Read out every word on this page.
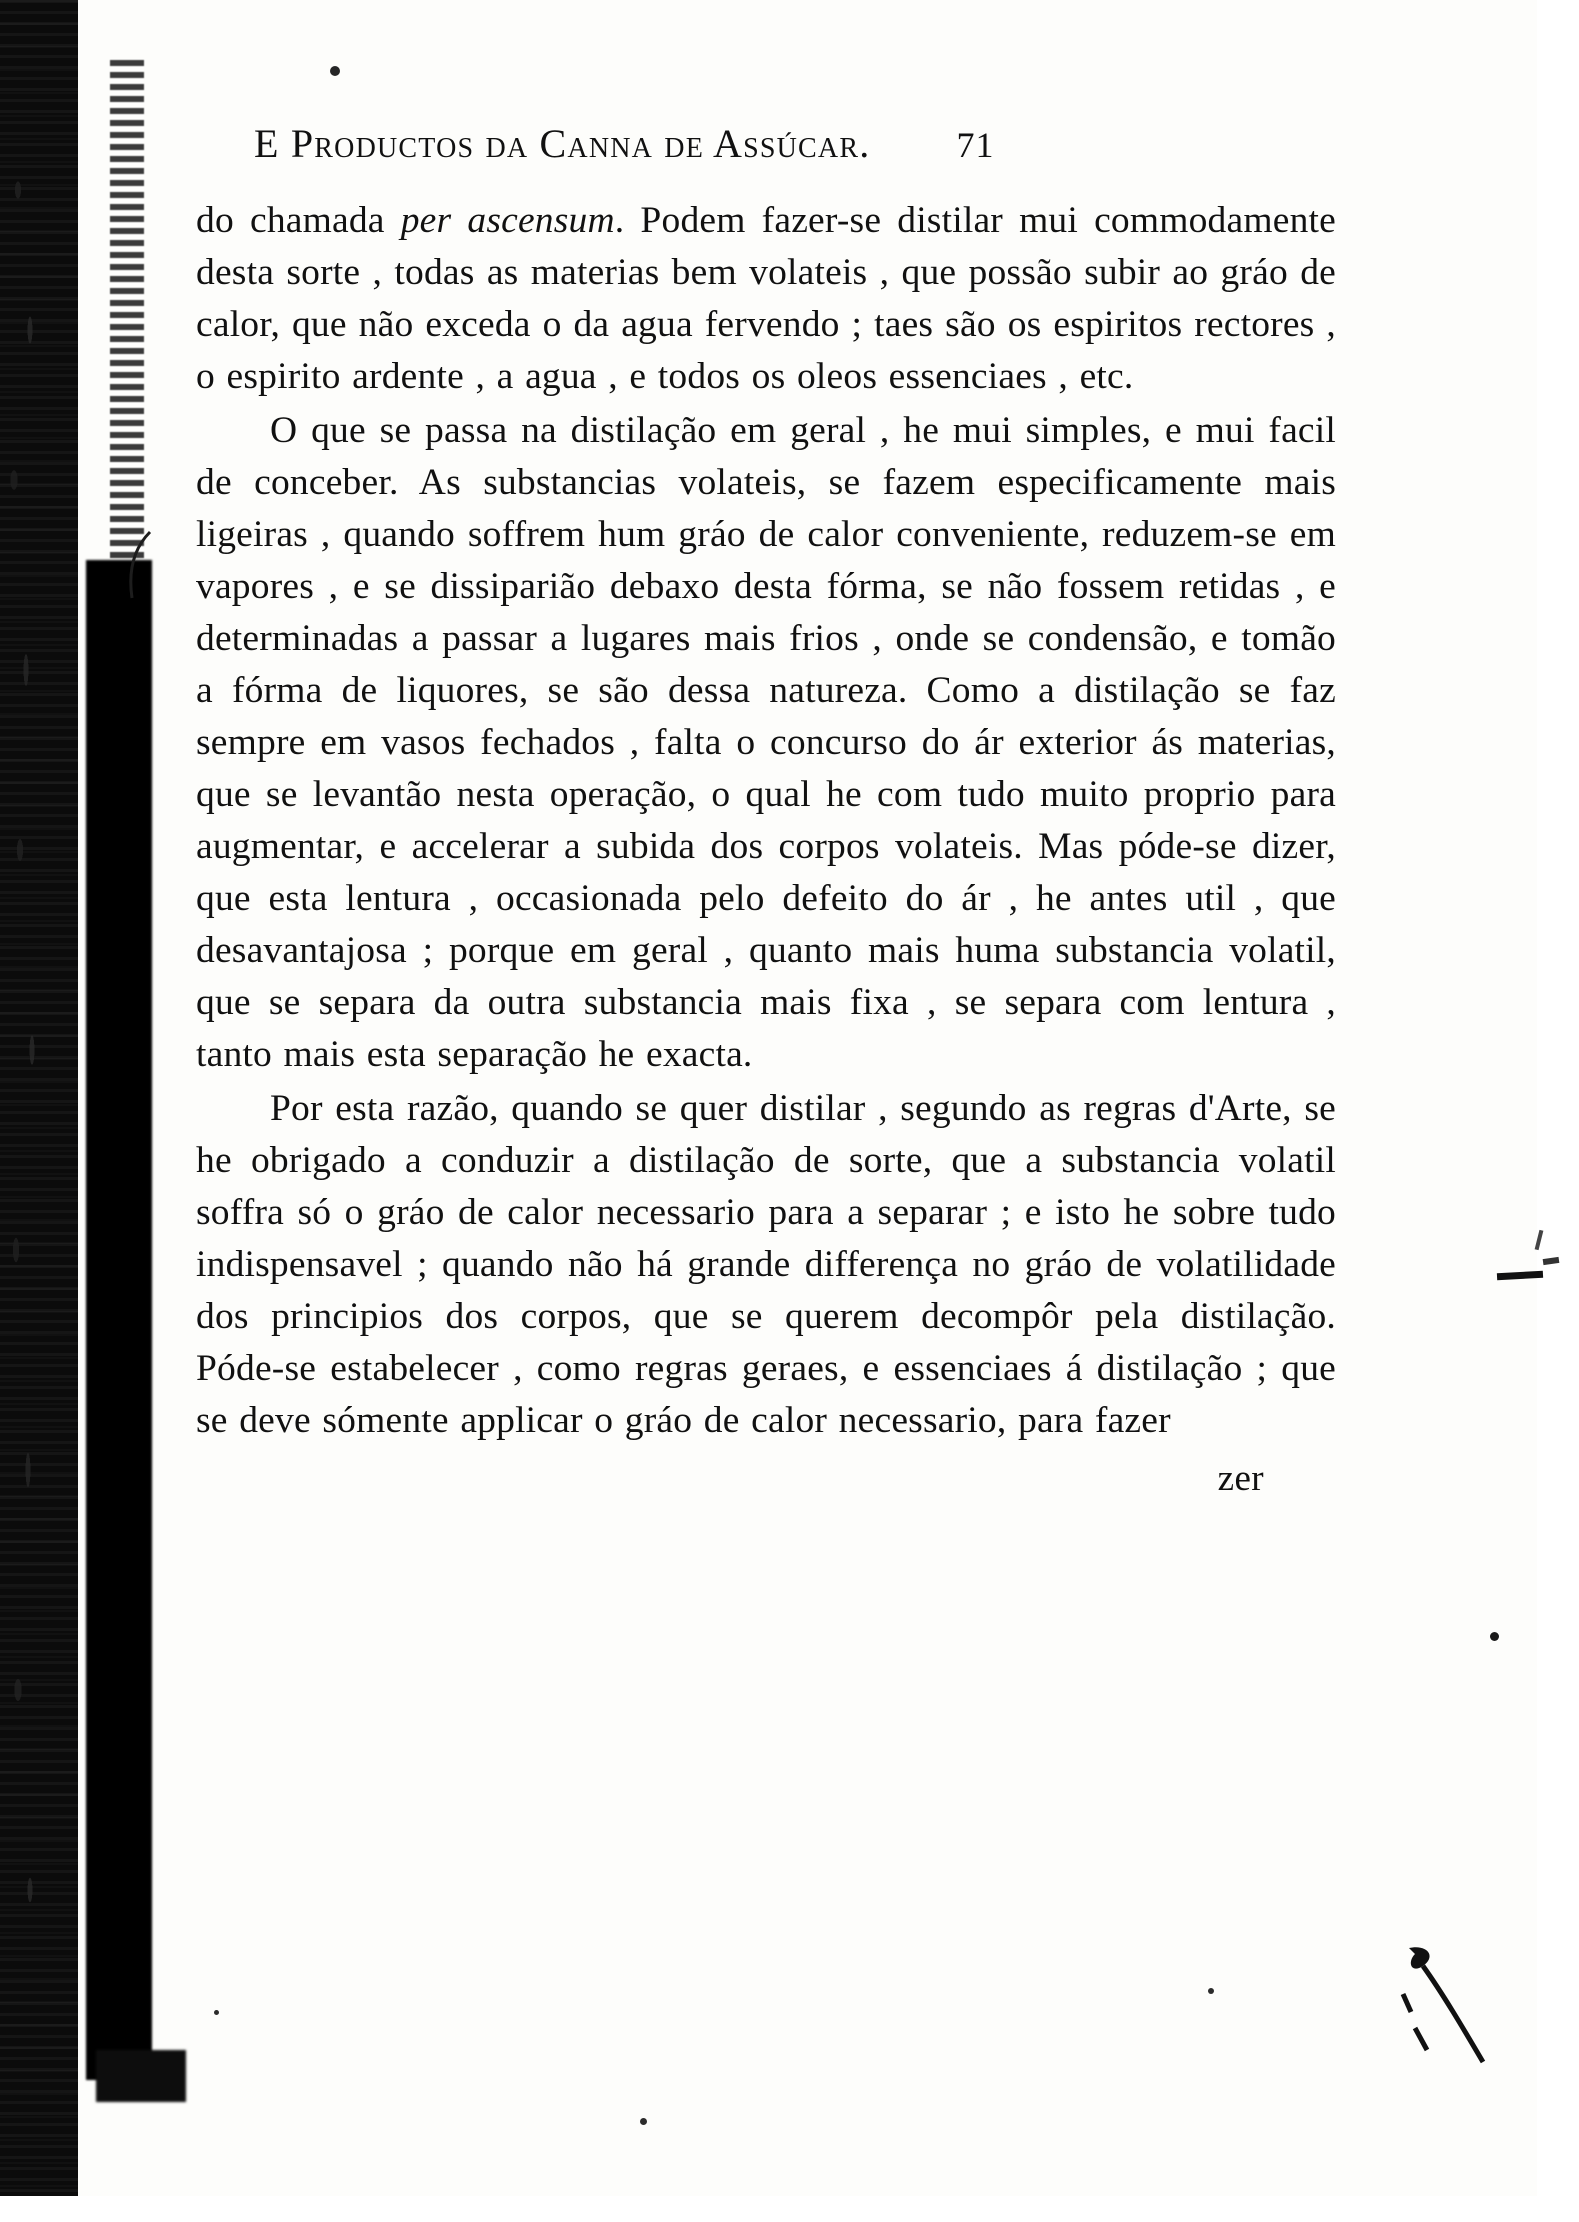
E Productos da Canna de Assúcar. 71

do chamada per ascensum. Podem fazer-se distilar mui commodamente desta sorte , todas as materias bem volateis , que possão subir ao gráo de calor, que não exceda o da agua fervendo ; taes são os espiritos rectores , o espirito ardente , a agua , e todos os oleos essenciaes , etc.

O que se passa na distilação em geral , he mui simples, e mui facil de conceber. As substancias volateis, se fazem especificamente mais ligeiras , quando soffrem hum gráo de calor conveniente, reduzem-se em vapores , e se dissiparião debaxo desta fórma, se não fossem retidas , e determinadas a passar a lugares mais frios , onde se condensão, e tomão a fórma de liquores, se são dessa natureza. Como a distilação se faz sempre em vasos fechados , falta o concurso do ár exterior ás materias, que se levantão nesta operação, o qual he com tudo muito proprio para augmentar, e accelerar a subida dos corpos volateis. Mas póde-se dizer, que esta lentura , occasionada pelo defeito do ár , he antes util , que desavantajosa ; porque em geral , quanto mais huma substancia volatil, que se separa da outra substancia mais fixa , se separa com lentura , tanto mais esta separação he exacta.

Por esta razão, quando se quer distilar , segundo as regras d'Arte, se he obrigado a conduzir a distilação de sorte, que a substancia volatil soffra só o gráo de calor necessario para a separar ; e isto he sobre tudo indispensavel ; quando não há grande differença no gráo de volatilidade dos principios dos corpos, que se querem decompôr pela distilação. Póde-se estabelecer , como regras geraes, e essenciaes á distilação ; que se deve sómente applicar o gráo de calor necessario, para fazer

zer
